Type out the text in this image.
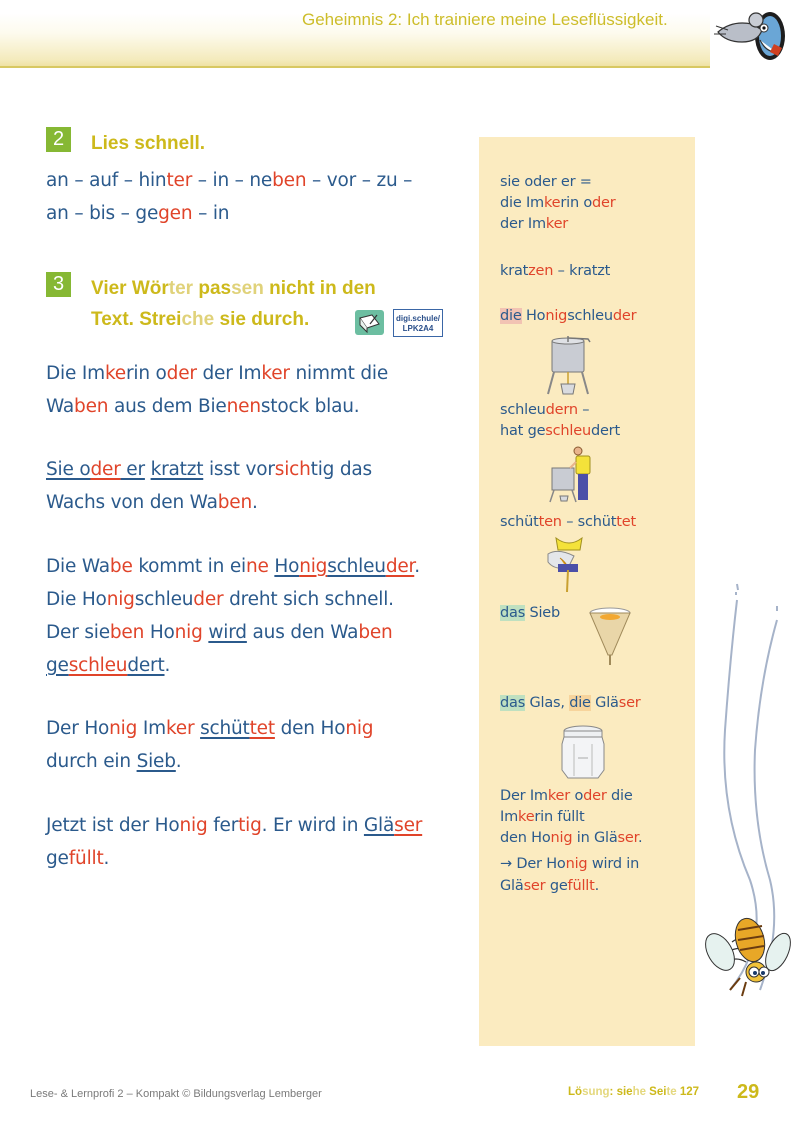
Geheimnis 2: Ich trainiere meine Leseflüssigkeit.
2	Lies schnell.
an – auf – hinter – in – neben – vor – zu –
an – bis – gegen – in
3	Vier Wörter passen nicht in den
Text. Streiche sie durch.	digi.schule/
LPK2A4
Die Imkerin oder der Imker nimmt die
Waben aus dem Bienenstock blau.
Sie oder er kratzt isst vorsichtig das
Wachs von den Waben.
Die Wabe kommt in eine Honigschleuder.
Die Honigschleuder dreht sich schnell.
Der sieben Honig wird aus den Waben
geschleudert.
Der Honig Imker schüttet den Honig
durch ein Sieb.
Jetzt ist der Honig fertig. Er wird in Gläser
gefüllt.
sie oder er =
die Imkerin oder
der Imker
kratzen – kratzt
die Honigschleuder
schleudern –
hat geschleudert
schütten – schüttet
das Sieb
das Glas, die Gläser
Der Imker oder die
Imkerin füllt
den Honig in Gläser.
→ Der Honig wird in
Gläser gefüllt.
Lese- & Lernprofi 2 – Kompakt © Bildungsverlag Lemberger	Lösung: siehe Seite 127 29
